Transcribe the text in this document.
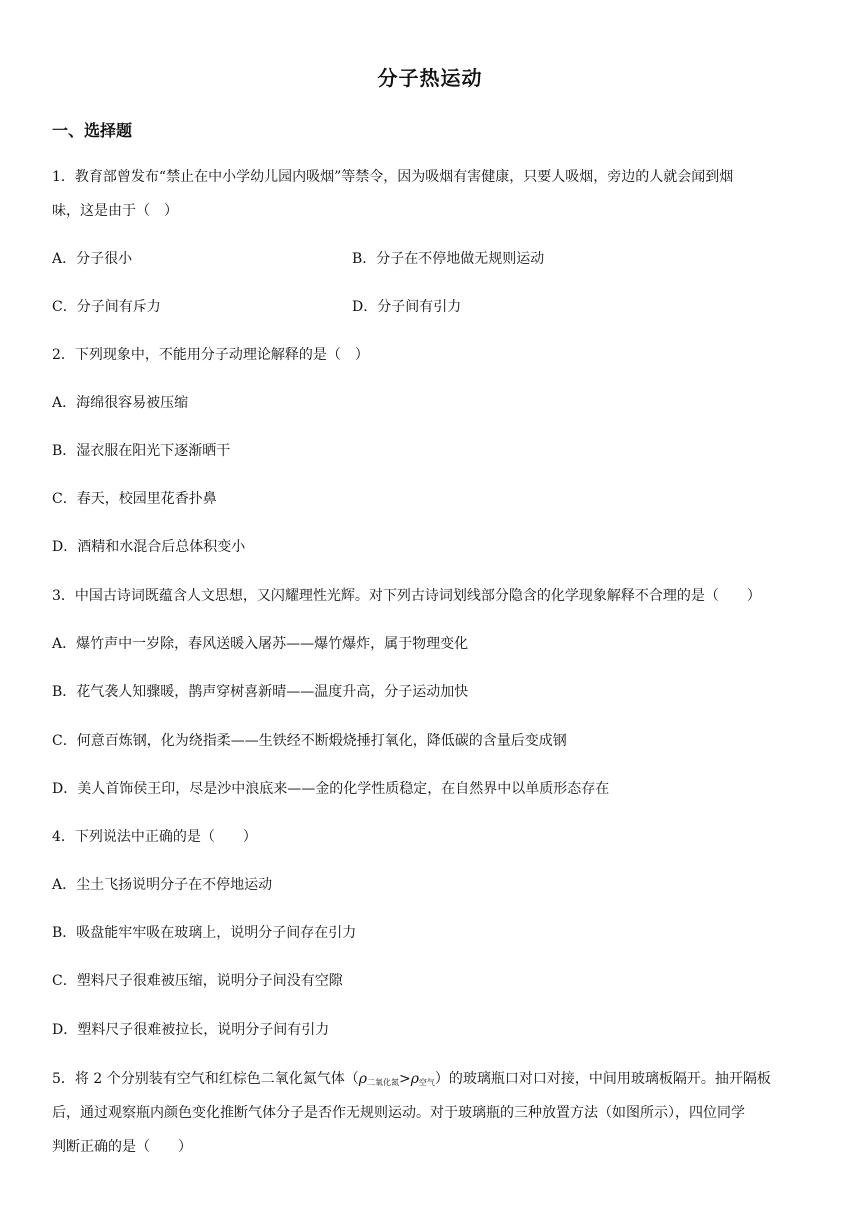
分子热运动
一、选择题
1．教育部曾发布“禁止在中小学幼儿园内吸烟”等禁令，因为吸烟有害健康，只要人吸烟，旁边的人就会闻到烟
味，这是由于（　）
A．分子很小	B．分子在不停地做无规则运动
C．分子间有斥力	D．分子间有引力
2．下列现象中，不能用分子动理论解释的是（　）
A．海绵很容易被压缩
B．湿衣服在阳光下逐渐晒干
C．春天，校园里花香扑鼻
D．酒精和水混合后总体积变小
3．中国古诗词既蕴含人文思想，又闪耀理性光辉。对下列古诗词划线部分隐含的化学现象解释不合理的是（　　）
A．爆竹声中一岁除，春风送暖入屠苏——爆竹爆炸，属于物理变化
B．花气袭人知骤暖，鹊声穿树喜新晴——温度升高，分子运动加快
C．何意百炼钢，化为绕指柔——生铁经不断煅烧捶打氧化，降低碳的含量后变成钢
D．美人首饰侯王印，尽是沙中浪底来——金的化学性质稳定，在自然界中以单质形态存在
4．下列说法中正确的是（　　）
A．尘土飞扬说明分子在不停地运动
B．吸盘能牢牢吸在玻璃上，说明分子间存在引力
C．塑料尺子很难被压缩，说明分子间没有空隙
D．塑料尺子很难被拉长，说明分子间有引力
5．将 2 个分别装有空气和红棕色二氧化氮气体$(\rho_{二氧化氮}>\rho_{空气})$的玻璃瓶口对口对接，中间用玻璃板隔开。抽开隔板
后，通过观察瓶内颜色变化推断气体分子是否作无规则运动。对于玻璃瓶的三种放置方法（如图所示），四位同学
判断正确的是（　　）
